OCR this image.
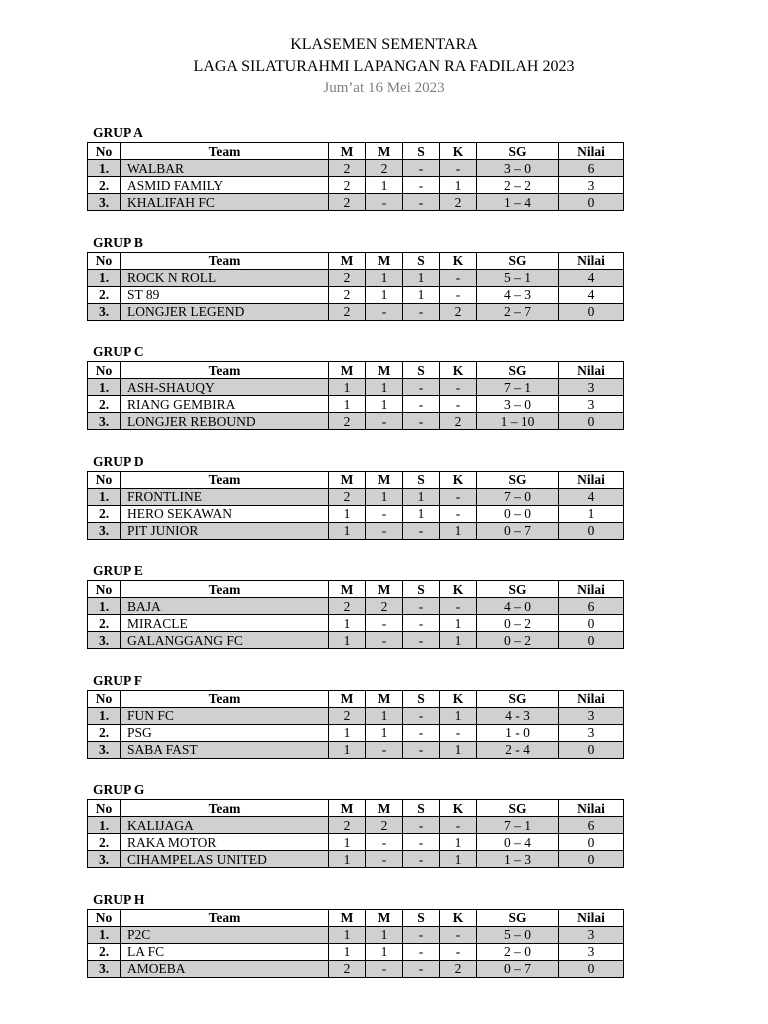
KLASEMEN SEMENTARA
LAGA SILATURAHMI LAPANGAN RA FADILAH 2023
Jum’at 16 Mei 2023
GRUP A
No	Team	M	M	S	K	SG	Nilai
1.	WALBAR	2	2	-	-	3 – 0	6
2.	ASMID FAMILY	2	1	-	1	2 – 2	3
3.	KHALIFAH FC	2	-	-	2	1 – 4	0
GRUP B
No	Team	M	M	S	K	SG	Nilai
1.	ROCK N ROLL	2	1	1	-	5 – 1	4
2.	ST 89	2	1	1	-	4 – 3	4
3.	LONGJER LEGEND	2	-	-	2	2 – 7	0
GRUP C
No	Team	M	M	S	K	SG	Nilai
1.	ASH-SHAUQY	1	1	-	-	7 – 1	3
2.	RIANG GEMBIRA	1	1	-	-	3 – 0	3
3.	LONGJER REBOUND	2	-	-	2	1 – 10	0
GRUP D
No	Team	M	M	S	K	SG	Nilai
1.	FRONTLINE	2	1	1	-	7 – 0	4
2.	HERO SEKAWAN	1	-	1	-	0 – 0	1
3.	PIT JUNIOR	1	-	-	1	0 – 7	0
GRUP E
No	Team	M	M	S	K	SG	Nilai
1.	BAJA	2	2	-	-	4 – 0	6
2.	MIRACLE	1	-	-	1	0 – 2	0
3.	GALANGGANG FC	1	-	-	1	0 – 2	0
GRUP F
No	Team	M	M	S	K	SG	Nilai
1.	FUN FC	2	1	-	1	4 - 3	3
2.	PSG	1	1	-	-	1 - 0	3
3.	SABA FAST	1	-	-	1	2 - 4	0
GRUP G
No	Team	M	M	S	K	SG	Nilai
1.	KALIJAGA	2	2	-	-	7 – 1	6
2.	RAKA MOTOR	1	-	-	1	0 – 4	0
3.	CIHAMPELAS UNITED	1	-	-	1	1 – 3	0
GRUP H
No	Team	M	M	S	K	SG	Nilai
1.	P2C	1	1	-	-	5 – 0	3
2.	LA FC	1	1	-	-	2 – 0	3
3.	AMOEBA	2	-	-	2	0 – 7	0
